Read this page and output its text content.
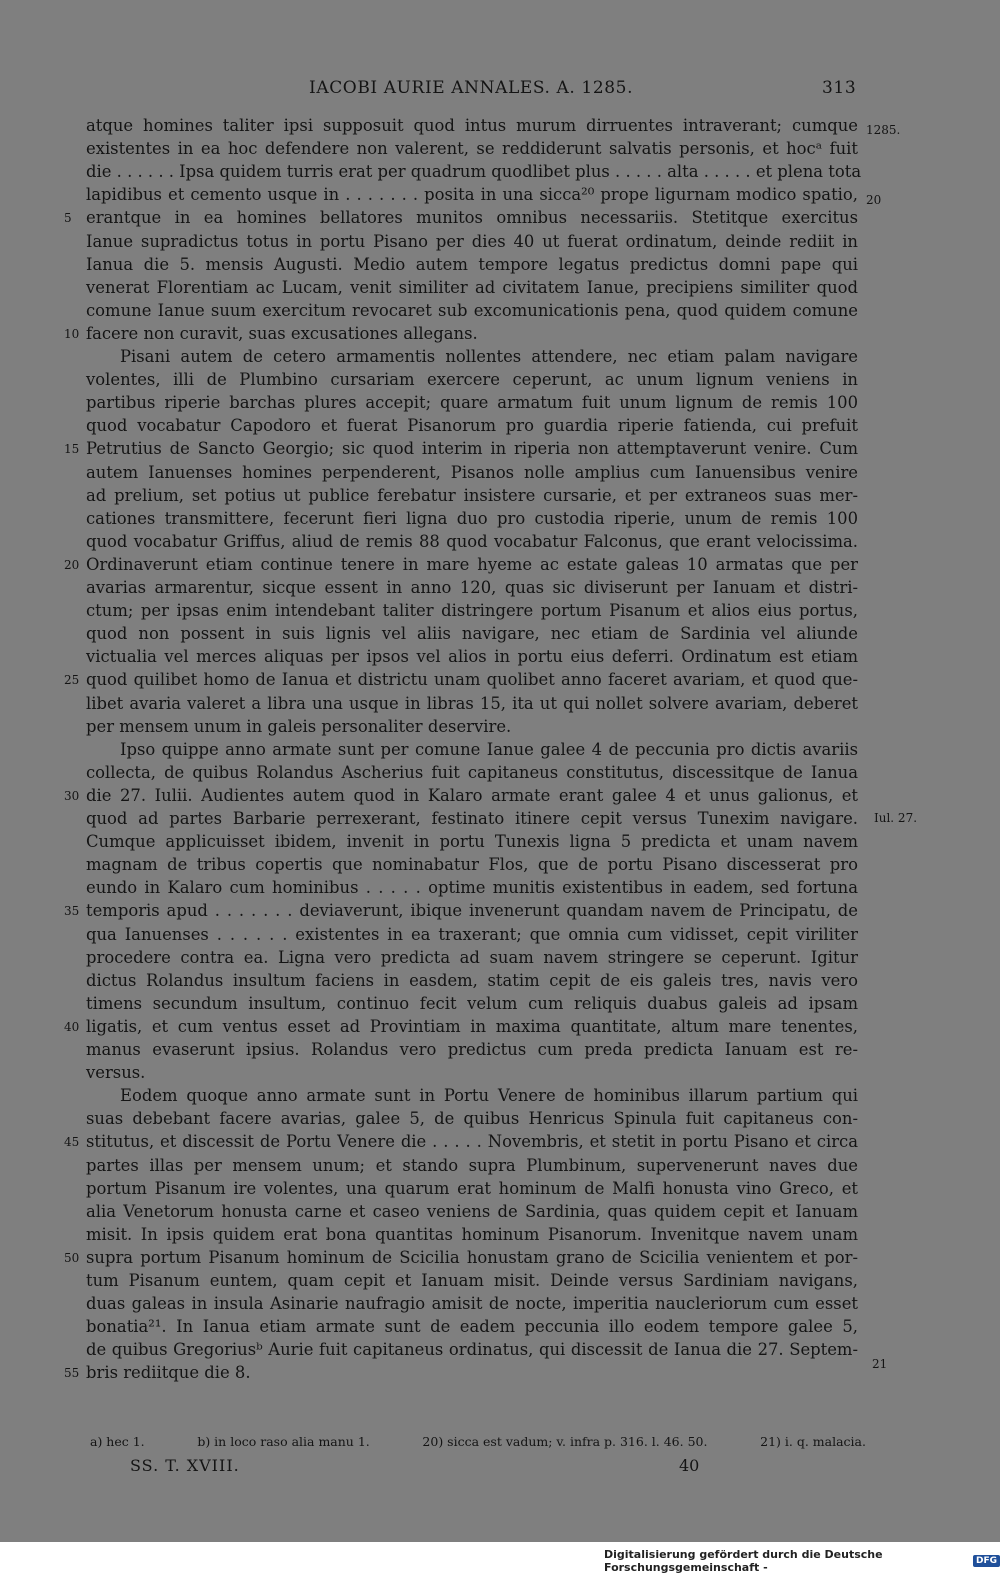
IACOBI AURIE ANNALES. A. 1285.	313
atque homines taliter ipsi supposuit quod intus murum dirruentes intraverant; cumque
existentes in ea hoc defendere non valerent, se reddiderunt salvatis personis, et hocᵃ fuit
die . . . . . . Ipsa quidem turris erat per quadrum quodlibet plus . . . . . alta . . . . . et plena tota
lapidibus et cemento usque in . . . . . . . posita in una sicca²⁰ prope ligurnam modico spatio,
erantque in ea homines bellatores munitos omnibus necessariis. Stetitque exercitus
Ianue supradictus totus in portu Pisano per dies 40 ut fuerat ordinatum, deinde rediit in
Ianua die 5. mensis Augusti. Medio autem tempore legatus predictus domni pape qui
venerat Florentiam ac Lucam, venit similiter ad civitatem Ianue, precipiens similiter quod
comune Ianue suum exercitum revocaret sub excomunicationis pena, quod quidem comune
facere non curavit, suas excusationes allegans.
Pisani autem de cetero armamentis nollentes attendere, nec etiam palam navigare
volentes, illi de Plumbino cursariam exercere ceperunt, ac unum lignum veniens in
partibus riperie barchas plures accepit; quare armatum fuit unum lignum de remis 100
quod vocabatur Capodoro et fuerat Pisanorum pro guardia riperie fatienda, cui prefuit
Petrutius de Sancto Georgio; sic quod interim in riperia non attemptaverunt venire. Cum
autem Ianuenses homines perpenderent, Pisanos nolle amplius cum Ianuensibus venire
ad prelium, set potius ut publice ferebatur insistere cursarie, et per extraneos suas mer-
cationes transmittere, fecerunt fieri ligna duo pro custodia riperie, unum de remis 100
quod vocabatur Griffus, aliud de remis 88 quod vocabatur Falconus, que erant velocissima.
Ordinaverunt etiam continue tenere in mare hyeme ac estate galeas 10 armatas que per
avarias armarentur, sicque essent in anno 120, quas sic diviserunt per Ianuam et distri-
ctum; per ipsas enim intendebant taliter distringere portum Pisanum et alios eius portus,
quod non possent in suis lignis vel aliis navigare, nec etiam de Sardinia vel aliunde
victualia vel merces aliquas per ipsos vel alios in portu eius deferri. Ordinatum est etiam
quod quilibet homo de Ianua et districtu unam quolibet anno faceret avariam, et quod que-
libet avaria valeret a libra una usque in libras 15, ita ut qui nollet solvere avariam, deberet
per mensem unum in galeis personaliter deservire.
Ipso quippe anno armate sunt per comune Ianue galee 4 de peccunia pro dictis avariis
collecta, de quibus Rolandus Ascherius fuit capitaneus constitutus, discessitque de Ianua
die 27. Iulii. Audientes autem quod in Kalaro armate erant galee 4 et unus galionus, et
quod ad partes Barbarie perrexerant, festinato itinere cepit versus Tunexim navigare.
Cumque applicuisset ibidem, invenit in portu Tunexis ligna 5 predicta et unam navem
magnam de tribus copertis que nominabatur Flos, que de portu Pisano discesserat pro
eundo in Kalaro cum hominibus . . . . . optime munitis existentibus in eadem, sed fortuna
temporis apud . . . . . . . deviaverunt, ibique invenerunt quandam navem de Principatu, de
qua Ianuenses . . . . . . existentes in ea traxerant; que omnia cum vidisset, cepit viriliter
procedere contra ea. Ligna vero predicta ad suam navem stringere se ceperunt. Igitur
dictus Rolandus insultum faciens in easdem, statim cepit de eis galeis tres, navis vero
timens secundum insultum, continuo fecit velum cum reliquis duabus galeis ad ipsam
ligatis, et cum ventus esset ad Provintiam in maxima quantitate, altum mare tenentes,
manus evaserunt ipsius. Rolandus vero predictus cum preda predicta Ianuam est re-
versus.
Eodem quoque anno armate sunt in Portu Venere de hominibus illarum partium qui
suas debebant facere avarias, galee 5, de quibus Henricus Spinula fuit capitaneus con-
stitutus, et discessit de Portu Venere die . . . . . Novembris, et stetit in portu Pisano et circa
partes illas per mensem unum; et stando supra Plumbinum, supervenerunt naves due
portum Pisanum ire volentes, una quarum erat hominum de Malfi honusta vino Greco, et
alia Venetorum honusta carne et caseo veniens de Sardinia, quas quidem cepit et Ianuam
misit. In ipsis quidem erat bona quantitas hominum Pisanorum. Invenitque navem unam
supra portum Pisanum hominum de Scicilia honustam grano de Scicilia venientem et por-
tum Pisanum euntem, quam cepit et Ianuam misit. Deinde versus Sardiniam navigans,
duas galeas in insula Asinarie naufragio amisit de nocte, imperitia naucleriorum cum esset
bonatia²¹. In Ianua etiam armate sunt de eadem peccunia illo eodem tempore galee 5,
de quibus Gregoriusᵇ Aurie fuit capitaneus ordinatus, qui discessit de Ianua die 27. Septem-
bris rediitque die 8.
5
10
15
20
25
30
35
40
45
50
55
1285.
20
Iul. 27.
21
a) hec 1.	b) in loco raso alia manu 1.	20) sicca est vadum; v. infra p. 316. l. 46. 50.	21) i. q. malacia.
SS. T. XVIII.	40
Digitalisierung gefördert durch die Deutsche Forschungsgemeinschaft -	DFG
